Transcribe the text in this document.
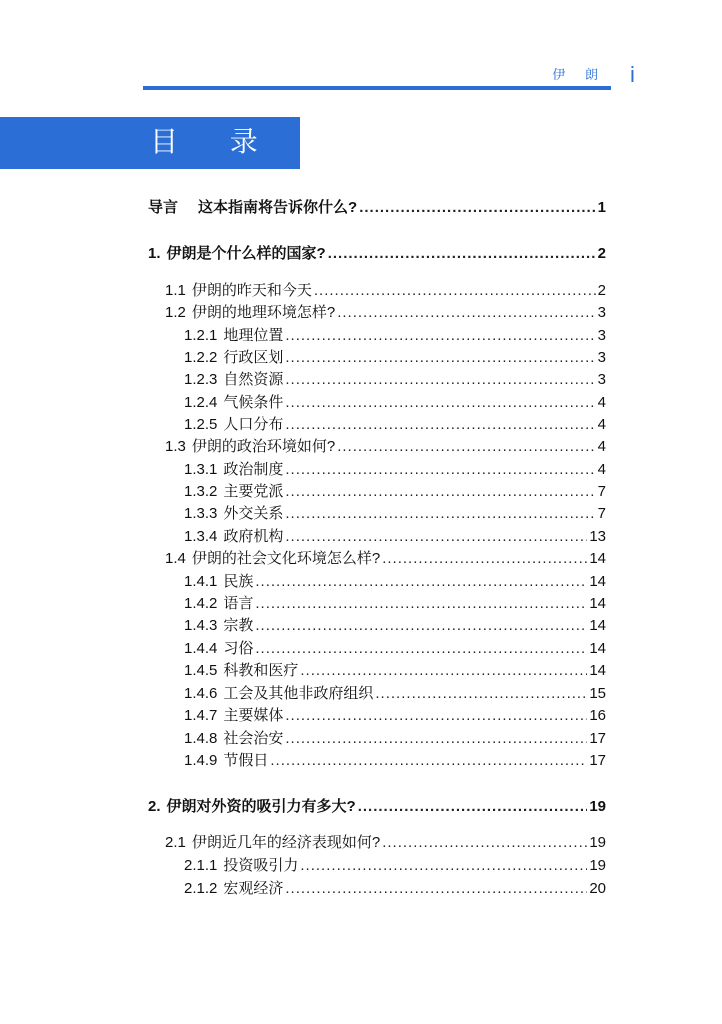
伊 朗 i
目 录
导言 这本指南将告诉你什么? .....	1
1. 伊朗是个什么样的国家? .....	2
1.1 伊朗的昨天和今天 .....	2
1.2 伊朗的地理环境怎样? .....	3
1.2.1 地理位置 .....	3
1.2.2 行政区划 .....	3
1.2.3 自然资源 .....	3
1.2.4 气候条件 .....	4
1.2.5 人口分布 .....	4
1.3 伊朗的政治环境如何? .....	4
1.3.1 政治制度 .....	4
1.3.2 主要党派 .....	7
1.3.3 外交关系 .....	7
1.3.4 政府机构 .....	13
1.4 伊朗的社会文化环境怎么样? .....	14
1.4.1 民族 .....	14
1.4.2 语言 .....	14
1.4.3 宗教 .....	14
1.4.4 习俗 .....	14
1.4.5 科教和医疗 .....	14
1.4.6 工会及其他非政府组织 .....	15
1.4.7 主要媒体 .....	16
1.4.8 社会治安 .....	17
1.4.9 节假日 .....	17
2. 伊朗对外资的吸引力有多大? .....	19
2.1 伊朗近几年的经济表现如何? .....	19
2.1.1 投资吸引力 .....	19
2.1.2 宏观经济 .....	20
